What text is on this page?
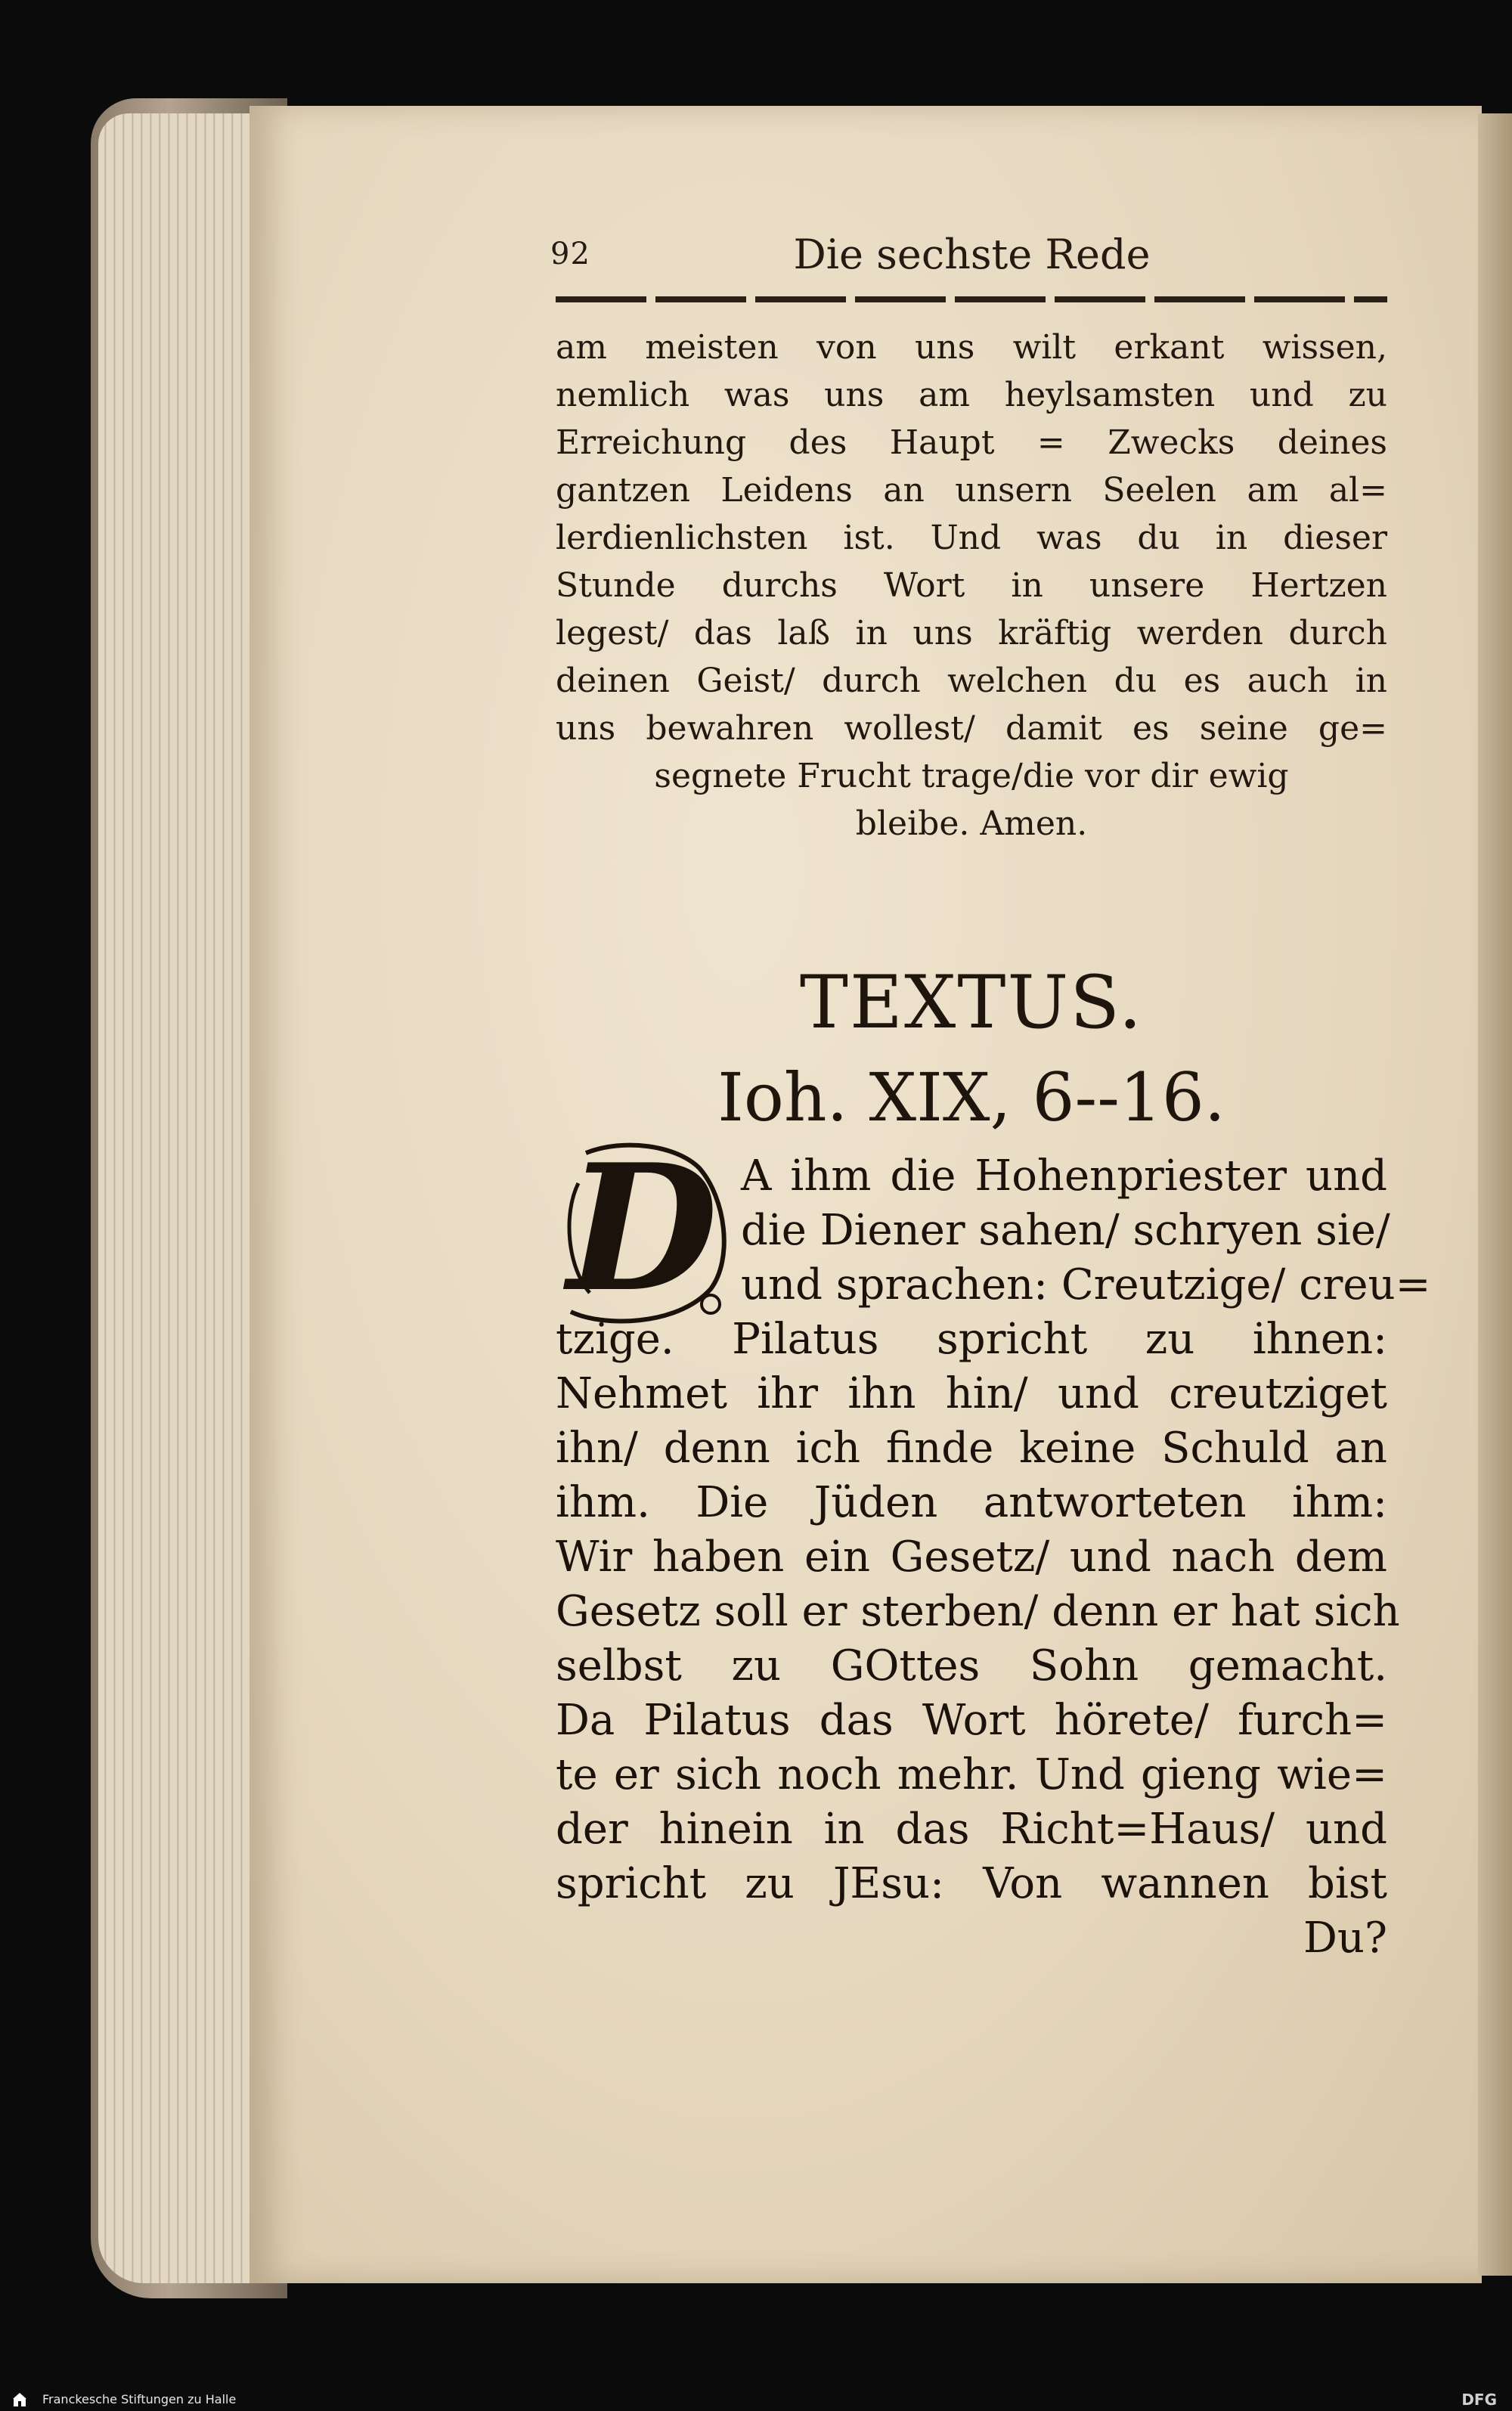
92	Die sechste Rede
am meisten von uns wilt erkant wissen,
nemlich was uns am heylsamsten und zu
Erreichung des Haupt = Zwecks deines
gantzen Leidens an unsern Seelen am al=
lerdienlichsten ist. Und was du in dieser
Stunde durchs Wort in unsere Hertzen
legest/ das laß in uns kräftig werden durch
deinen Geist/ durch welchen du es auch in
uns bewahren wollest/ damit es seine ge=
segnete Frucht trage/die vor dir ewig
bleibe. Amen.
TEXTUS.
Ioh. XIX, 6--16.
D A ihm die Hohenpriester und
die Diener sahen/ schryen sie/
und sprachen: Creutzige/ creu=
tzige. Pilatus spricht zu ihnen:
Nehmet ihr ihn hin/ und creutziget
ihn/ denn ich finde keine Schuld an
ihm. Die Jüden antworteten ihm:
Wir haben ein Gesetz/ und nach dem
Gesetz soll er sterben/ denn er hat sich
selbst zu GOttes Sohn gemacht.
Da Pilatus das Wort hörete/ furch=
te er sich noch mehr. Und gieng wie=
der hinein in das Richt=Haus/ und
spricht zu JEsu: Von wannen bist
Du?
Franckesche Stiftungen zu Halle	DFG
